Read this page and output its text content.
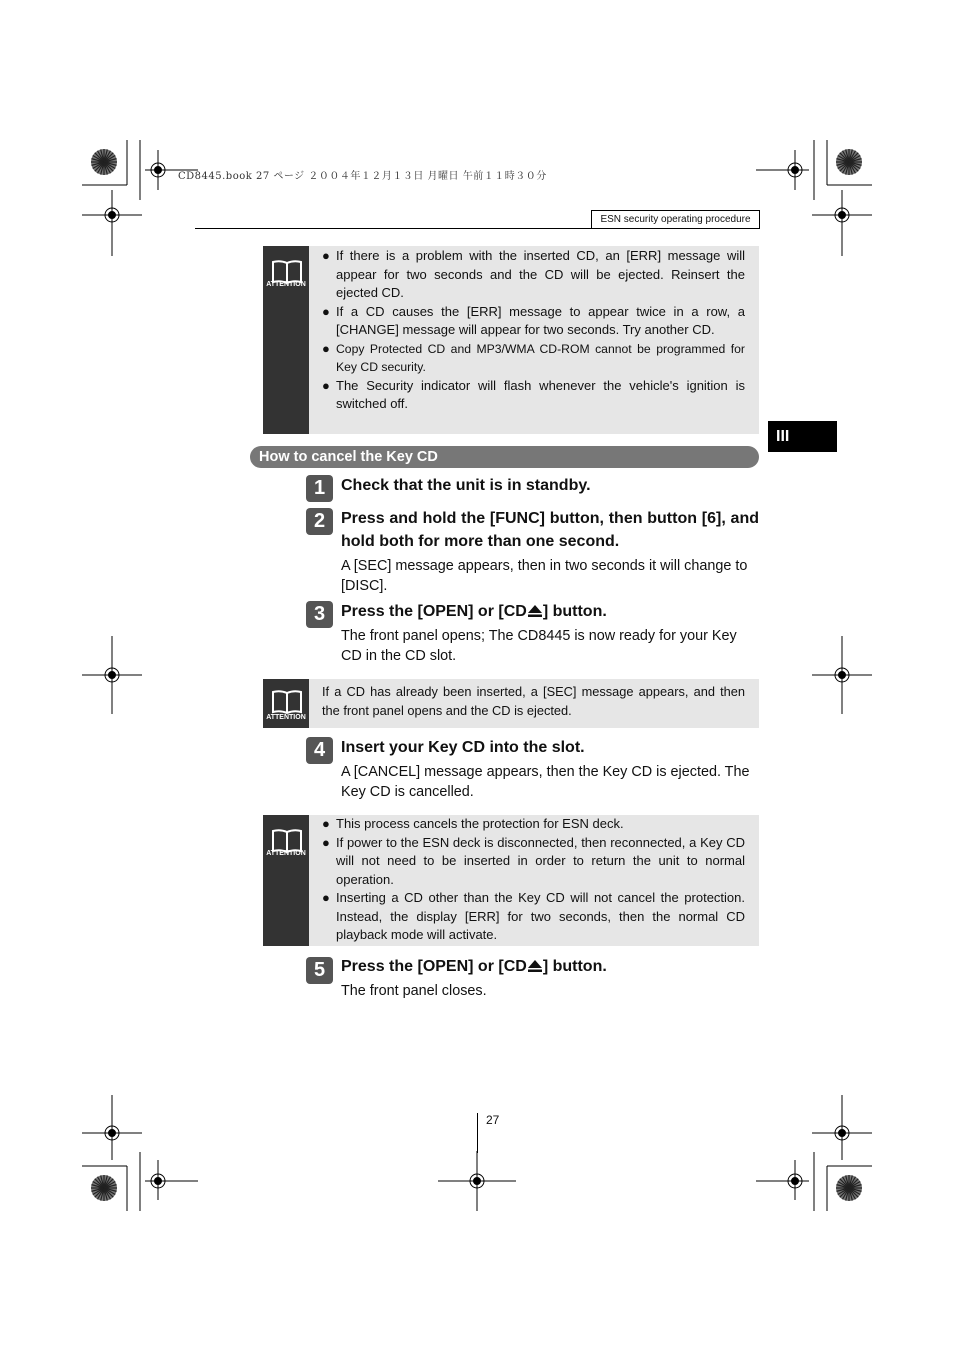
CD8445.book 27 ページ ２００４年１２月１３日 月曜日 午前１１時３０分
ESN security operating procedure
III
ATTENTION
● If there is a problem with the inserted CD, an [ERR] message will appear for two seconds and the CD will be ejected. Reinsert the ejected CD.
● If a CD causes the [ERR] message to appear twice in a row, a [CHANGE] message will appear for two seconds. Try another CD.
● Copy Protected CD and MP3/WMA CD-ROM cannot be programmed for Key CD security.
● The Security indicator will flash whenever the vehicle's ignition is switched off.
How to cancel the Key CD
1 Check that the unit is in standby.
2 Press and hold the [FUNC] button, then button [6], and hold both for more than one second.
A [SEC] message appears, then in two seconds it will change to [DISC].
3 Press the [OPEN] or [CD ] button.
The front panel opens; The CD8445 is now ready for your Key CD in the CD slot.
ATTENTION
If a CD has already been inserted, a [SEC] message appears, and then the front panel opens and the CD is ejected.
4 Insert your Key CD into the slot.
A [CANCEL] message appears, then the Key CD is ejected. The Key CD is cancelled.
ATTENTION
● This process cancels the protection for ESN deck.
● If power to the ESN deck is disconnected, then reconnected, a Key CD will not need to be inserted in order to return the unit to normal operation.
● Inserting a CD other than the Key CD will not cancel the protection. Instead, the display [ERR] for two seconds, then the normal CD playback mode will activate.
5 Press the [OPEN] or [CD ] button.
The front panel closes.
27
